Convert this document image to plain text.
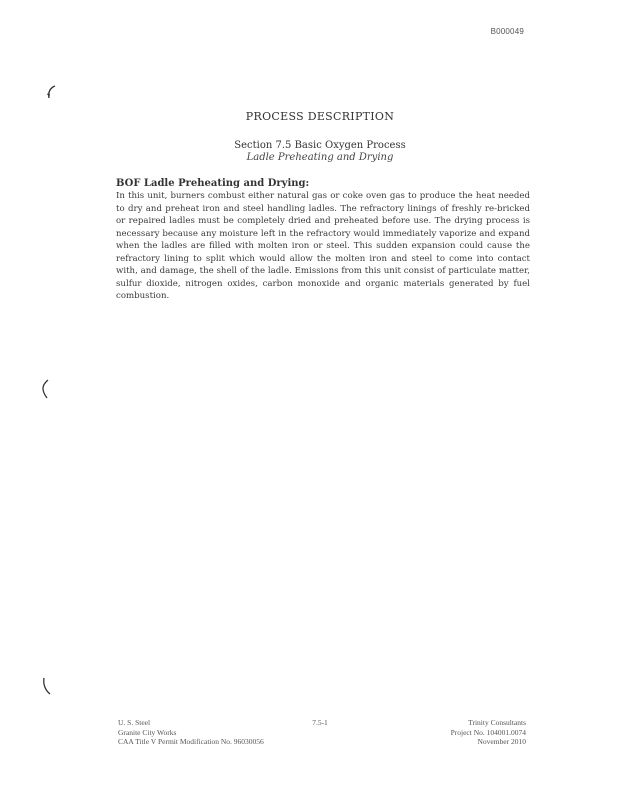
B000049
PROCESS DESCRIPTION
Section 7.5 Basic Oxygen Process
Ladle Preheating and Drying
BOF Ladle Preheating and Drying:
In this unit, burners combust either natural gas or coke oven gas to produce the heat needed to dry and preheat iron and steel handling ladles. The refractory linings of freshly re-bricked or repaired ladles must be completely dried and preheated before use. The drying process is necessary because any moisture left in the refractory would immediately vaporize and expand when the ladles are filled with molten iron or steel. This sudden expansion could cause the refractory lining to split which would allow the molten iron and steel to come into contact with, and damage, the shell of the ladle. Emissions from this unit consist of particulate matter, sulfur dioxide, nitrogen oxides, carbon monoxide and organic materials generated by fuel combustion.
U. S. Steel
Granite City Works
CAA Title V Permit Modification No. 96030056
7.5-1	Trinity Consultants
Project No. 104001.0074
November 2010
